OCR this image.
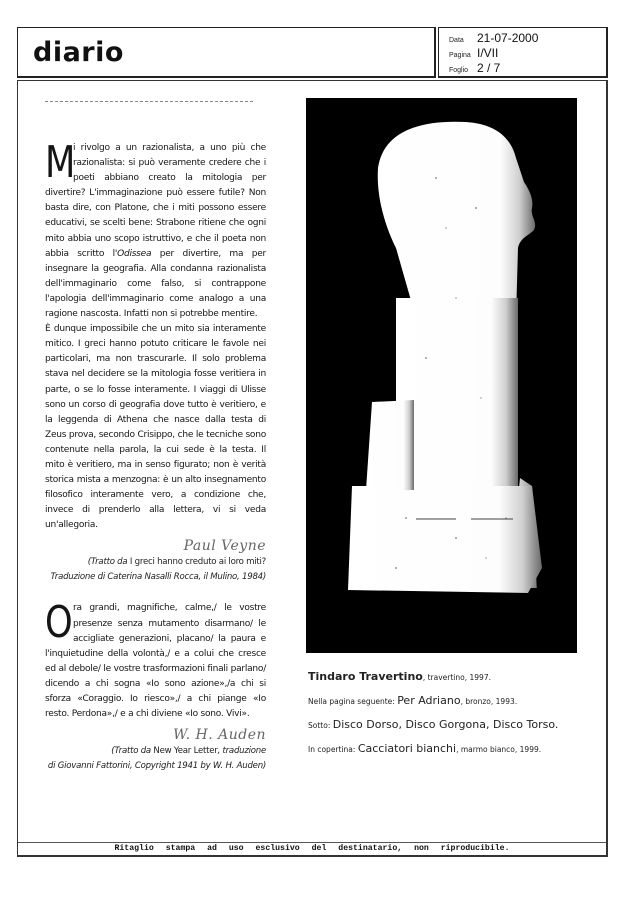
diario	Data	21-07-2000
Pagina I/VII
Foglio 2 / 7
Ritaglio stampa ad uso esclusivo del destinatario, non riproducibile.
M
i rivolgo a un razionalista, a uno più che razionalista: si può veramente credere che i poeti abbiano creato la mitologia per divertire? L'immaginazione può essere futile? Non basta dire, con Platone, che i miti possono essere educativi, se scelti bene: Strabone ritiene che ogni mito abbia uno scopo istruttivo, e che il poeta non abbia scritto l'Odissea per divertire, ma per insegnare la geografia. Alla condanna razionalista dell'immaginario come falso, si contrappone l'apologia dell'immaginario come analogo a una ragione nascosta. Infatti non si potrebbe mentire.
È dunque impossibile che un mito sia interamente mitico. I greci hanno potuto criticare le favole nei particolari, ma non trascurarle. Il solo problema stava nel decidere se la mitologia fosse veritiera in parte, o se lo fosse interamente. I viaggi di Ulisse sono un corso di geografia dove tutto è veritiero, e la leggenda di Athena che nasce dalla testa di Zeus prova, secondo Crisippo, che le tecniche sono contenute nella parola, la cui sede è la testa. Il mito è veritiero, ma in senso figurato; non è verità storica mista a menzogna: è un alto insegnamento filosofico interamente vero, a condizione che, invece di prenderlo alla lettera, vi si veda un'allegoria.
Paul Veyne
(Tratto da I greci hanno creduto ai loro miti?
Traduzione di Caterina Nasalli Rocca, il Mulino, 1984)
Ora grandi, magnifiche, calme,/ le vostre presenze senza mutamento disarmano/ le accigliate generazioni, placano/ la paura e l'inquietudine della volontà,/ e a colui che cresce ed al debole/ le vostre trasformazioni finali parlano/ dicendo a chi sogna «Io sono azione»,/a chi si sforza «Coraggio. Io riesco»,/ a chi piange «Io resto. Perdona»,/ e a chi diviene «Io sono. Vivi».
W. H. Auden
(Tratto da New Year Letter, traduzione
di Giovanni Fattorini, Copyright 1941 by W. H. Auden)
Tindaro Travertino, travertino, 1997.
Nella pagina seguente: Per Adriano, bronzo, 1993.
Sotto: Disco Dorso, Disco Gorgona, Disco Torso.
In copertina: Cacciatori bianchi, marmo bianco, 1999.
